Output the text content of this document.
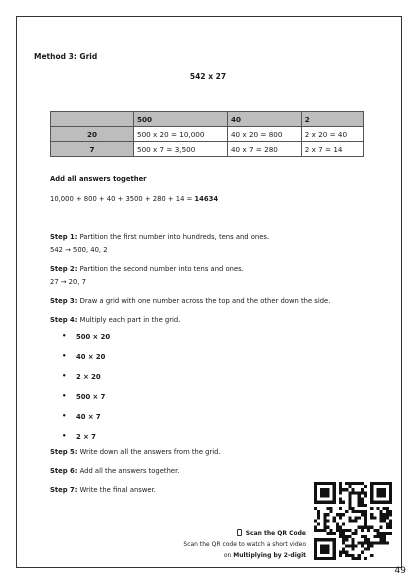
Method 3: Grid
542 x 27
	500	40	2
20	500 x 20 = 10,000	40 x 20 = 800	2 x 20 = 40
7	500 x 7 = 3,500	40 x 7 = 280	2 x 7 = 14
Add all answers together
10,000 + 800 + 40 + 3500 + 280 + 14 = 14634
Step 1: Partition the first number into hundreds, tens and ones.
542 → 500, 40, 2
Step 2: Partition the second number into tens and ones.
27 → 20, 7
Step 3: Draw a grid with one number across the top and the other down the side.
Step 4: Multiply each part in the grid.
• 500 × 20
• 40 × 20
• 2 × 20
• 500 × 7
• 40 × 7
• 2 × 7
Step 5: Write down all the answers from the grid.
Step 6: Add all the answers together.
Step 7: Write the final answer.
Scan the QR Code
Scan the QR code to watch a short video
on Multiplying by 2-digit
49
